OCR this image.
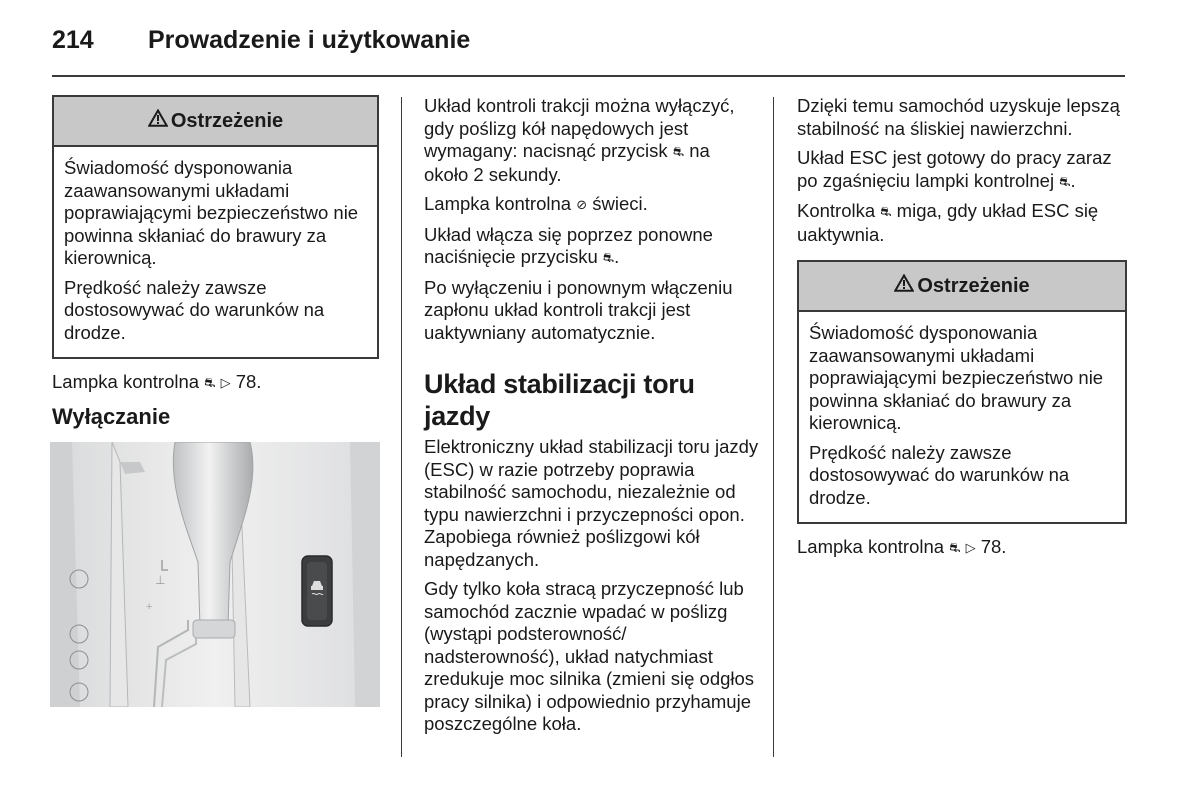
214 Prowadzenie i użytkowanie
Ostrzeżenie

Świadomość dysponowania zaawansowanymi układami poprawiającymi bezpieczeństwo nie powinna skłaniać do brawury za kierownicą.

Prędkość należy zawsze dostosowywać do warunków na drodze.

Lampka kontrolna ⛐ ▷ 78.

Wyłączanie
⊥
+

Układ kontroli trakcji można wyłączyć, gdy poślizg kół napędowych jest wymagany: nacisnąć przycisk ⛐ na około 2 sekundy.

Lampka kontrolna ⊘ świeci.

Układ włącza się poprzez ponowne naciśnięcie przycisku ⛐.

Po wyłączeniu i ponownym włączeniu zapłonu układ kontroli trakcji jest uaktywniany automatycznie.

Układ stabilizacji toru jazdy

Elektroniczny układ stabilizacji toru jazdy (ESC) w razie potrzeby poprawia stabilność samochodu, niezależnie od typu nawierzchni i przyczepności opon. Zapobiega również poślizgowi kół napędzanych.

Gdy tylko koła stracą przyczepność lub samochód zacznie wpadać w poślizg (wystąpi podsterowność/ nadsterowność), układ natychmiast zredukuje moc silnika (zmieni się odgłos pracy silnika) i odpowiednio przyhamuje poszczególne koła.

Dzięki temu samochód uzyskuje lepszą stabilność na śliskiej nawierzchni.

Układ ESC jest gotowy do pracy zaraz po zgaśnięciu lampki kontrolnej ⛐.

Kontrolka ⛐ miga, gdy układ ESC się uaktywnia.

Ostrzeżenie

Świadomość dysponowania zaawansowanymi układami poprawiającymi bezpieczeństwo nie powinna skłaniać do brawury za kierownicą.

Prędkość należy zawsze dostosowywać do warunków na drodze.

Lampka kontrolna ⛐ ▷ 78.
